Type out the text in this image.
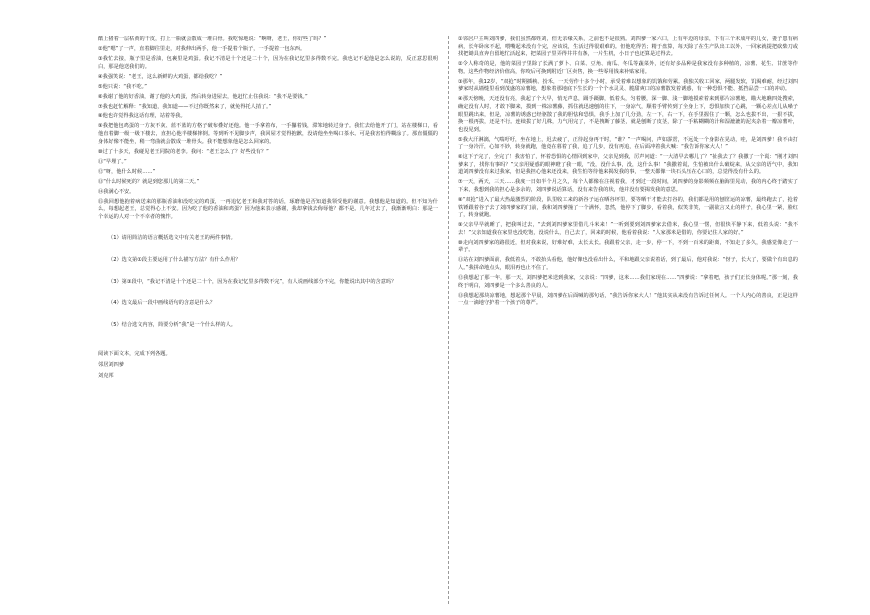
酷上猪着一层枯黄的干皮，打上一瓶就会散成一堆白骨。我吃惊地说：“啊呀，老王，你好些了吗？”

②他“嗯”了一声，直着脚往里走，对我伸出两手，他一手提着个瓶子，一手提着一包东西。

③我忙去接，瓶子里是香油，包裹里是鸡蛋。我记不清是十个还是二十个，因为在我记忆里多得数不完。我也记不起他是怎么说的，反正意思很明白，那是他送我们的。

④我强笑说：“老王，这么新鲜的大鸡蛋，都给我吃？”

⑤他只说：“我不吃。”

⑥我谢了他的好香油，谢了他的大鸡蛋，然后转身进屋去，他赶忙止住我说：“我不是要钱。”

⑦我也赶忙解释：“我知道，我知道——不过你既然来了，就免得托人捎了。”

⑧他也许觉得我这话有理，站着等我。

⑨我把他包鸡蛋的一方灰不灰、蓝不蓝的方格子破布叠好还他。他一手拿着布，一手攥着钱，滞笨地转过身子。我忙去给他开了门，站在楼梯口，看他直着脚一级一级下楼去，直担心他半楼梯摔倒。等到听不见脚步声，我回屋才觉得抱歉，没请他坐坐喝口茶水。可是我害怕得糊涂了。那直僵僵的身体好像不能坐，稍一弯曲就会散成一堆骨头。我不能想象他是怎么回家的。

⑩过了十多天，我碰见老王同院的老李。我问：“老王怎么了？好些没有？”

⑪“早埋了。”

⑫“呀，他什么时候……”

⑬“什么时候死的？就是到您那儿的第二天。”

⑭我满心不安。

⑮我回想他抱着病送来的那瓶香油和没吃完的鸡蛋，一再追忆老王和我对答的话，琢磨他是否知道我领受他的谢意。我想他是知道的。但不知为什么，每想起老王，总觉得心上不安。因为吃了他的香油和鸡蛋？因为他来表示感谢，我却拿钱去侮辱他？都不是。几年过去了，我渐渐明白：那是一个幸运的人对一个不幸者的愧怍。

（1）请用简洁的语言概括选文中有关老王的两件事情。

（2）选文第①段主要运用了什么描写方法？有什么作用？

（3）第③段中，“我记不清是十个还是二十个，因为在我记忆里多得数不完”，有人说画线部分不完，你能说出其中的含意吗？

（4）选文最后一段中画线语句的含意是什么？

（5）结合选文内容，简要分析“我”是一个什么样的人。

阅读下面文本，完成下列各题。

邻居刘四爹

刘克邦

①邻居户主叫刘四爹，我们虽然都姓刘，但无亲缘关系，之前也不是很熟。刘四爹一家六口，上有年迈的母亲，下有三个未成年的儿女，妻子患有病病，长年卧床不起，喂嘴起米没有个完，应该说，生活过得很艰难的。但他吃得苦；精于盘算，每天除了在生产队出工以外，一回家就提把砍柴刀或找把锄具直奔自留地忙活起来，把菜园子里弄得井井有条，一片生机，小日子也还算是过得去。

②令人称奇的是，他的菜园子里除了长满了萝卜、白菜、豆角、南瓜、冬瓜等蔬菜外，还有好多品种是我家没有多种植的，凉薯、花生、甘蔗等作物。这些作物经济价值高，你咬后可换到附近厂区卖售，换一些零用钱来补贴家用。

③那年，我12岁，“双抢”时期插秧、扮禾，一天劳作十多个小时，承受着难以想象的饥饿和劳累。我独关收工回家，两腿发软，饥渴难耐，经过刘四爹家时从墙缝里看到茂盛的凉薯地，想象着那地底下生长的一个个水灵灵、脆甜爽口的凉薯散发着诱惑，有一种恐惧不能、抵挡品尝一口的冲动。

④那天傍晚，天还没有亮，我起了个大早，悄无声息，蹑手蹑脚，低着头，匀着腰，深一脚、浅一脚地摸索着来到那片凉薯地，瞄大地瞧四处搜索，确定没有人时，才敢下脚来，摸到一株凉薯藤，抓住就迅速刨的往下，一身凉气，顺着手臂传到了全身上下，恐惧加快了心跳，一颗心差点儿从嗓子眼里跳出来，但是，凉薯的诱惑已经驱散了我的胆怯和恐惧，我手上加了几分劲，左一下，右一下，在手里握住了一颗，怎么也拔不出，一狠不拔，换一根再拔，还是不行。连续拔了好几株，力气用完了，不是拽断了藤茎，就是刨断了皮茎，除了一手粘糊糊的汁和湿漉漉的泥夹杂着一瓣凉薯叶，也没见到。

⑤我大汗淋漓，气喘吁吁，坐在地上，迟去疲了，正待起身再干时，“谁？”一声喝问，声如霹雳，不远处一个身影在晃动，哇，是刘四爹！我不由打了一身冷汗，心如不妙，转身就跑，他竟在暮着了我，追了几步，没有再追，在后面冲着我大喊：“我告诉你家大人！”

⑥这下子完了，全完了！我害怕了，怀着恐惧的心情回到家中，父亲见到我，厉声问道：“一大清早去哪儿了？”扯我去了？我撒了一个谎：“刚才刘四爹来了，找你有事吗？”父亲用疑惑的眼神瞪了我一眼，“没，没什么事，没，这什么事！”我撒着谎，生怕被出什么破绽来，从父亲的语气中，我知道刘四爹没有来过我家，但是我担心他来还没来，我生怕等待他来揭发我的事，一整天都像一块石头压在心口的，总觉得没有什么的。

⑦一天，两天，三天……我度一日如半个月之久，每个人都像在注视着我，才到过一段时间，刘四爹的身影频频在脑海里晃动，我的内心终于踏实了下来，我想到我的担心是多余的，刘四爹说话算话，没有来告我的状，他并没有要揭发我的意思。

⑧“双抢”进入了最大热最激烈的阶段，队里收工来的新谷子运在晒谷坪里，要等晒干才能去打谷的，我们都是用的刨筐运的凉薯，最终跑去了，抢着铁锤跟着谷子去了刘四爹家的门前，我和刘四爹撞了一个满怀，忽然，他停下了脚步，看着我，似笑非笑，一副欲言又止的样子，我心里一紧，脸红了，转身就跑。

⑨父亲早早就睡了，把我叫过去，“去到刘四爹家里借几斗米来！”一听到要到刘四爹家去借米，我心里一愣，但很快平静下来，低着头说：“我不去！”父亲知道我在家里也没吃饱，没说什么，自己去了，回来的时候，他看着我说：“人家那米是借的，你要记住人家的好。”

⑩走向刘四爹家的路很近，但对我来说，好难好难，太长太长。我跟着父亲，走一步，停一下，不到一百米的距离，不知走了多久，我感觉像走了一辈子。

⑪站在刘四爹面前，我低着头，不敢抬头看他，他好像也没看出什么，平和地跟父亲说着话，到了最后，他对我说：“伢子，长大了，要做个有出息的人。”我拼命地点头，眼泪再也止不住了。

⑫我想起了那一年，那一天，刘四爹把米送到我家，父亲说：“四爹，这米……我们家现在……”四爹说：“拿着吧，孩子们正长身体呢。”那一刻，我终于明白，刘四爹是一个多么善良的人。

⑬我想起那块凉薯地，想起那个早晨，刘四爹在后面喊的那句话，“我告诉你家大人！”他其实从来没有告诉过任何人。一个人内心的善良，正是这样一点一滴地守护着一个孩子的尊严。
